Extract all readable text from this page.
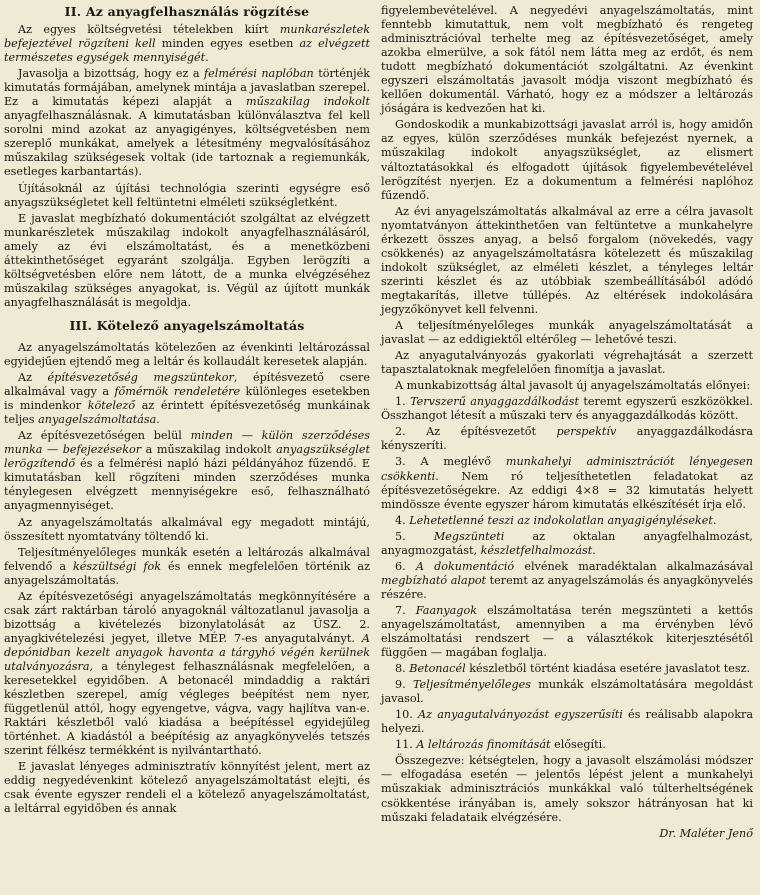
II. Az anyagfelhasználás rögzítése

Az egyes költségvetési tételekben kiírt munkarészletek befejeztével rögzíteni kell minden egyes esetben az elvégzett természetes egységek mennyiségét.

Javasolja a bizottság, hogy ez a felmérési naplóban történjék kimutatás formájában, amelynek mintája a javaslatban szerepel. Ez a kimutatás képezi alapját a műszakilag indokolt anyagfelhasználásnak. A kimutatásban különválasztva fel kell sorolni mind azokat az anyagigényes, költségvetésben nem szereplő munkákat, amelyek a létesítmény megvalósításához műszakilag szükségesek voltak (ide tartoznak a regiemunkák, esetleges karbantartás).

Újításoknál az újítási technológia szerinti egységre eső anyagszükségletet kell feltüntetni elméleti szükségletként.

E javaslat megbízható dokumentációt szolgáltat az elvégzett munkarészletek műszakilag indokolt anyagfelhasználásáról, amely az évi elszámoltatást, és a menetközbeni áttekinthetőséget egyaránt szolgálja. Egyben lerögzíti a költségvetésben előre nem látott, de a munka elvégzéséhez műszakilag szükséges anyagokat, is. Végül az újított munkák anyagfelhasználását is megoldja.

III. Kötelező anyagelszámoltatás

Az anyagelszámoltatás kötelezően az évenkinti leltározással egyidejűen ejtendő meg a leltár és kollaudált keresetek alapján.

Az építésvezetőség megszüntekor, építésvezető csere alkalmával vagy a főmérnök rendeletére különleges esetekben is mindenkor kötelező az érintett építésvezetőség munkáinak teljes anyagelszámoltatása.

Az építésvezetőségen belül minden — külön szerződéses munka — befejezésekor a műszakilag indokolt anyagszükséglet lerögzítendő és a felmérési napló házi példányához fűzendő. E kimutatásban kell rögzíteni minden szerződéses munka ténylegesen elvégzett mennyiségekre eső, felhasználható anyagmennyiséget.

Az anyagelszámoltatás alkalmával egy megadott mintájú, összesített nyomtatvány töltendő ki.

Teljesítményelőleges munkák esetén a leltározás alkalmával felvendő a készültségi fok és ennek megfelelően történik az anyagelszámoltatás.

Az építésvezetőségi anyagelszámoltatás megkönnyítésére a csak zárt raktárban tároló anyagoknál változatlanul javasolja a bizottság a kivételezés bizonylatolását az ÜSZ. 2. anyagkivételezési jegyet, illetve MÉP. 7-es anyagutalványt. A depónidban kezelt anyagok havonta a tárgyhó végén kerülnek utalványozásra, a ténylegest felhasználásnak megfelelően, a keresetekkel egyidőben. A betonacél mindaddig a raktári készletben szerepel, amíg végleges beépítést nem nyer, függetlenül attól, hogy egyengetve, vágva, vagy hajlítva van-e. Raktári készletből való kiadása a beépítéssel egyidejűleg történhet. A kiadástól a beépítésig az anyagkönyvelés tetszés szerint félkész termékként is nyilvántartható.

E javaslat lényeges adminisztratív könnyítést jelent, mert az eddig negyedévenkint kötelező anyagelszámoltatást elejti, és csak évente egyszer rendeli el a kötelező anyagelszámoltatást, a leltárral egyidőben és annak

figyelembevételével. A negyedévi anyagelszámoltatás, mint fenntebb kimutattuk, nem volt megbízható és rengeteg adminisztrációval terhelte meg az építésvezetőséget, amely azokba elmerülve, a sok fától nem látta meg az erdőt, és nem tudott megbízható dokumentációt szolgáltatni. Az évenkint egyszeri elszámoltatás javasolt módja viszont megbízható és kellően dokumentál. Várható, hogy ez a módszer a leltározás jóságára is kedvezően hat ki.

Gondoskodik a munkabizottsági javaslat arról is, hogy amidőn az egyes, külön szerződéses munkák befejezést nyernek, a műszakilag indokolt anyagszükséglet, az elismert változtatásokkal és elfogadott újítások figyelembevételével lerögzítést nyerjen. Ez a dokumentum a felmérési naplóhoz fűzendő.

Az évi anyagelszámoltatás alkalmával az erre a célra javasolt nyomtatványon áttekinthetően van feltüntetve a munkahelyre érkezett összes anyag, a belső forgalom (növekedés, vagy csökkenés) az anyagelszámoltatásra kötelezett és műszakilag indokolt szükséglet, az elméleti készlet, a tényleges leltár szerinti készlet és az utóbbiak szembeállításából adódó megtakarítás, illetve túllépés. Az eltérések indokolására jegyzőkönyvet kell felvenni.

A teljesítményelőleges munkák anyagelszámoltatását a javaslat — az eddigiektől eltérőleg — lehetővé teszi.

Az anyagutalványozás gyakorlati végrehajtását a szerzett tapasztalatoknak megfelelően finomítja a javaslat.

A munkabizottság által javasolt új anyagelszámoltatás előnyei:

1. Tervszerű anyaggazdálkodást teremt egyszerű eszközökkel. Összhangot létesít a műszaki terv és anyaggazdálkodás között.

2. Az építésvezetőt perspektív anyaggazdálkodásra kényszeríti.

3. A meglévő munkahelyi adminisztrációt lényegesen csökkenti. Nem ró teljesíthetetlen feladatokat az építésvezetőségekre. Az eddigi 4×8 = 32 kimutatás helyett mindössze évente egyszer három kimutatás elkészítését írja elő.

4. Lehetetlenné teszi az indokolatlan anyagigényléseket.

5. Megszünteti az oktalan anyagfelhalmozást, anyagmozgatást, készletfelhalmozást.

6. A dokumentáció elvének maradéktalan alkalmazásával megbízható alapot teremt az anyagelszámolás és anyagkönyvelés részére.

7. Faanyagok elszámoltatása terén megszünteti a kettős anyagelszámoltatást, amennyiben a ma érvényben lévő elszámoltatási rendszert — a választékok kiterjesztésétől függően — magában foglalja.

8. Betonacél készletből történt kiadása esetére javaslatot tesz.

9. Teljesítményelőleges munkák elszámoltatására megoldást javasol.

10. Az anyagutalványozást egyszerűsíti és reálisabb alapokra helyezi.

11. A leltározás finomítását elősegíti.

Összegezve: kétségtelen, hogy a javasolt elszámolási módszer — elfogadása esetén — jelentős lépést jelent a munkahelyi műszakiak adminisztrációs munkákkal való túlterheltségének csökkentése irányában is, amely sokszor hátrányosan hat ki műszaki feladataik elvégzésére.

Dr. Maléter Jenő
